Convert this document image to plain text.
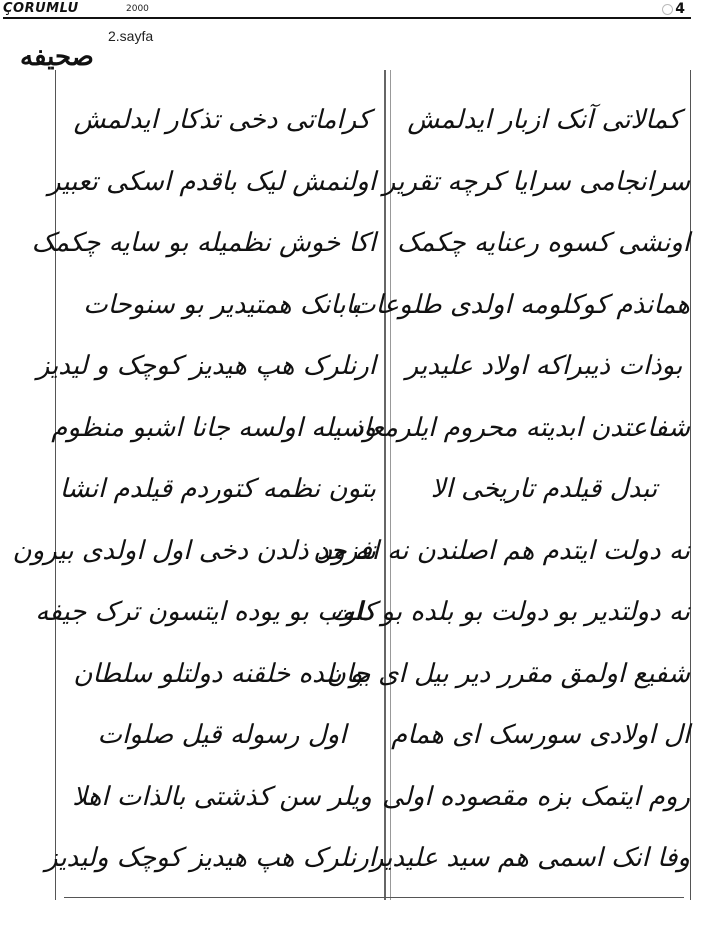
ÇORUMLU	2000	4
2.sayfa
صحیفه
کراماتی دخی تذکار ایدلمش
اولنمش لیک باقدم اسکی تعبیر
اکا خوش نظمیله بو سایه چکمک
بابانک همتیدیر بو سنوحات
ارنلرک هپ هیدیز کوچک و لیدیز
وسیله اولسه جانا اشبو منظوم
بتون نظمه کتوردم قیلدم انشا
نه حد ذلدن دخی اول اولدی بیرون
کلوب بو یوده ایتسون ترک جیفه
بو بلده خلقنه دولتلو سلطان
اول رسوله قیل صلوات
ویلر سن کذشتی بالذات اهلا
ارنلرک هپ هیدیز کوچک ولیدیز
کمالاتی آنک ازبار ایدلمش
سرانجامی سرایا کرچه تقریر
اونشی کسوه رعنایه چکمک
همانذم کوکلومه اولدی طلوعات
بوذات ذیبراکه اولاد علیدیر
شفاعتدن ابدیته محروم ایلرمعاذ
تبدل قیلدم تاریخی الا
نه دولت ایتدم هم اصلندن نه افزون
نه دولتدیر بو دولت بو بلده بو ذات
شفیع اولمق مقرر دیر بیل ای جان
ال اولادی سورسک ای همام
روم ایتمک بزه مقصوده اولی
وفا انک اسمی هم سید علیدیر
